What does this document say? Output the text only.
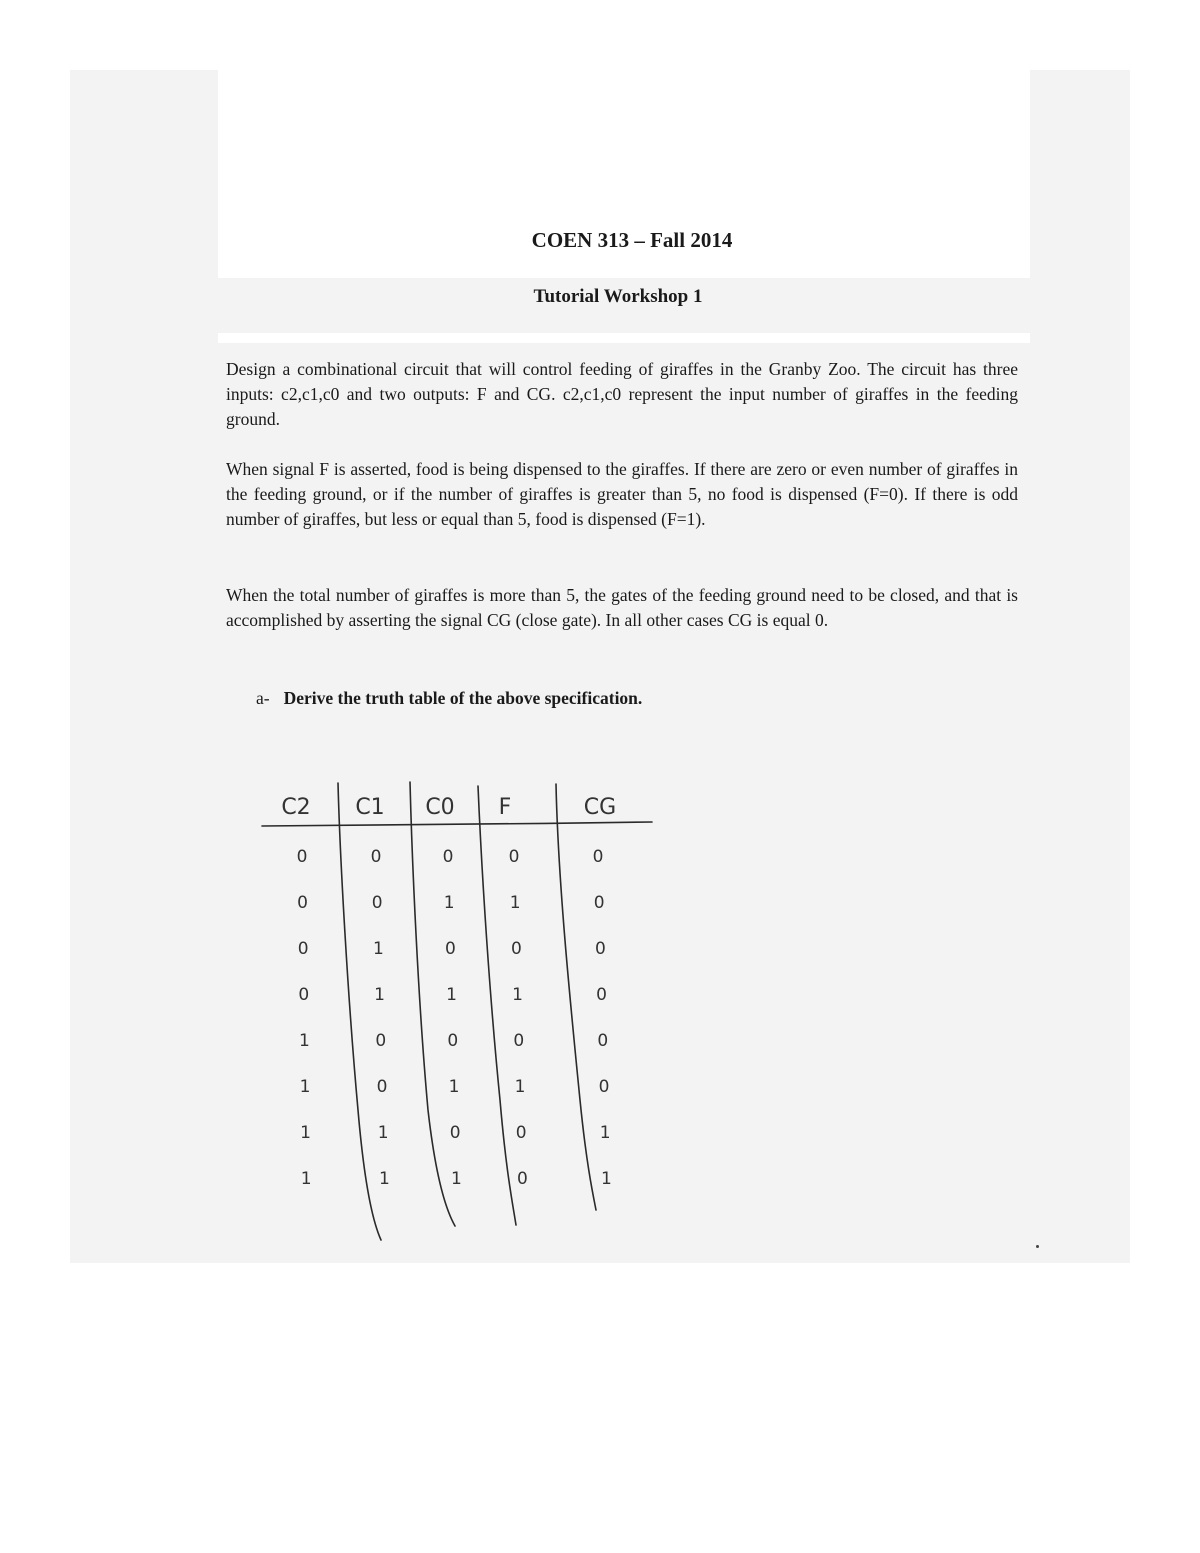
COEN 313 – Fall 2014
Tutorial Workshop 1

Design a combinational circuit that will control feeding of giraffes in the Granby Zoo. The circuit has three inputs: c2,c1,c0 and two outputs: F and CG. c2,c1,c0 represent the input number of giraffes in the feeding ground.

When signal F is asserted, food is being dispensed to the giraffes. If there are zero or even number of giraffes in the feeding ground, or if the number of giraffes is greater than 5, no food is dispensed (F=0). If there is odd number of giraffes, but less or equal than 5, food is dispensed (F=1).

When the total number of giraffes is more than 5, the gates of the feeding ground need to be closed, and that is accomplished by asserting the signal CG (close gate). In all other cases CG is equal 0.

a- Derive the truth table of the above specification.
C2 C1 C0 F	CG
0	0	0	0	0
0	0	1	1	0
0	1	0	0	0
0	1	1	1	0
1	0	0	0	0
1	0	1	1	0
1	1	0	0	1
1	1	1	0	1
